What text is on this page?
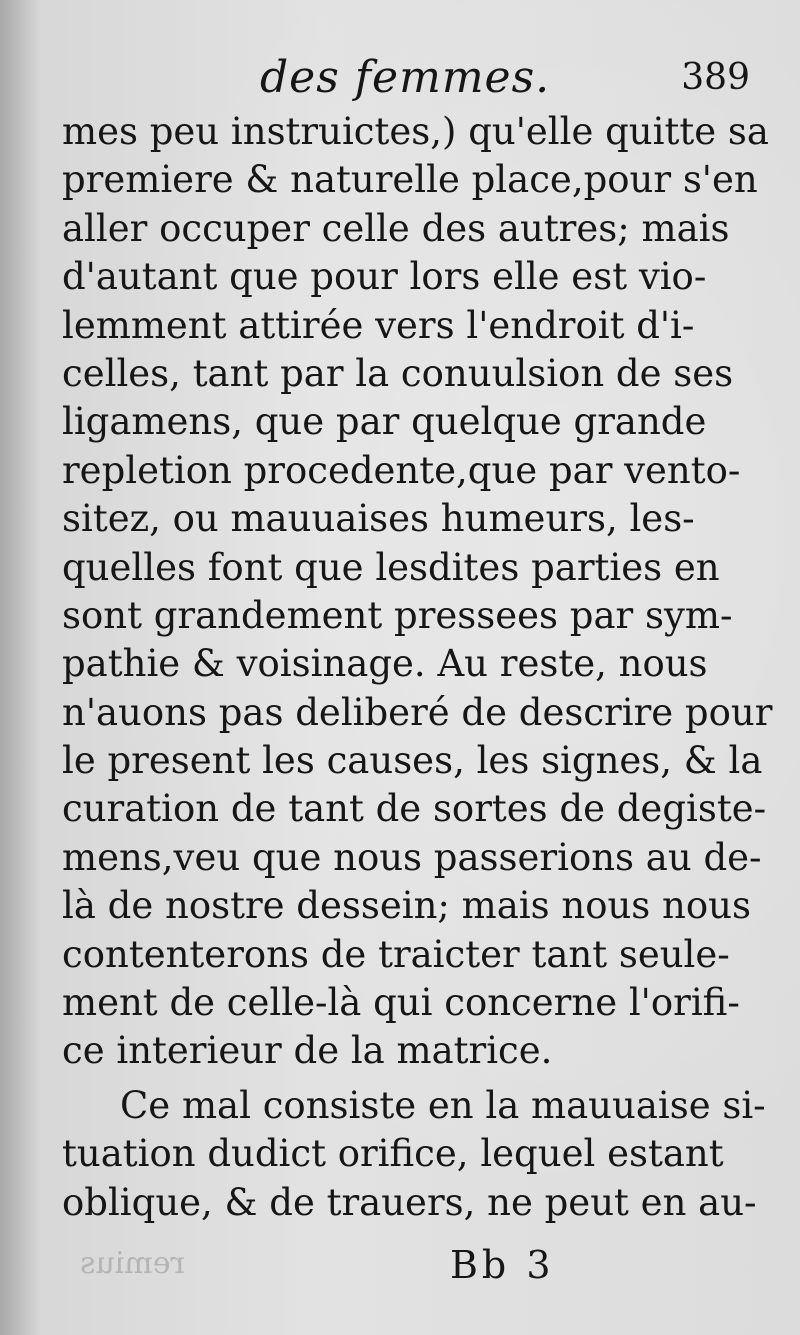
des femmes.	389
mes peu instruictes,) qu'elle quitte sa
premiere & naturelle place,pour s'en
aller occuper celle des autres; mais
d'autant que pour lors elle est vio-
lemment attirée vers l'endroit d'i-
celles, tant par la conuulsion de ses
ligamens, que par quelque grande
repletion procedente,que par vento-
sitez, ou mauuaises humeurs, les-
quelles font que lesdites parties en
sont grandement pressees par sym-
pathie & voisinage. Au reste, nous
n'auons pas deliberé de descrire pour
le present les causes, les signes, & la
curation de tant de sortes de degiste-
mens,veu que nous passerions au de-
là de nostre dessein; mais nous nous
contenterons de traicter tant seule-
ment de celle-là qui concerne l'orifi-
ce interieur de la matrice.
Ce mal consiste en la mauuaise si-
tuation dudict orifice, lequel estant
oblique, & de trauers, ne peut en au-
remius	Bb 3
